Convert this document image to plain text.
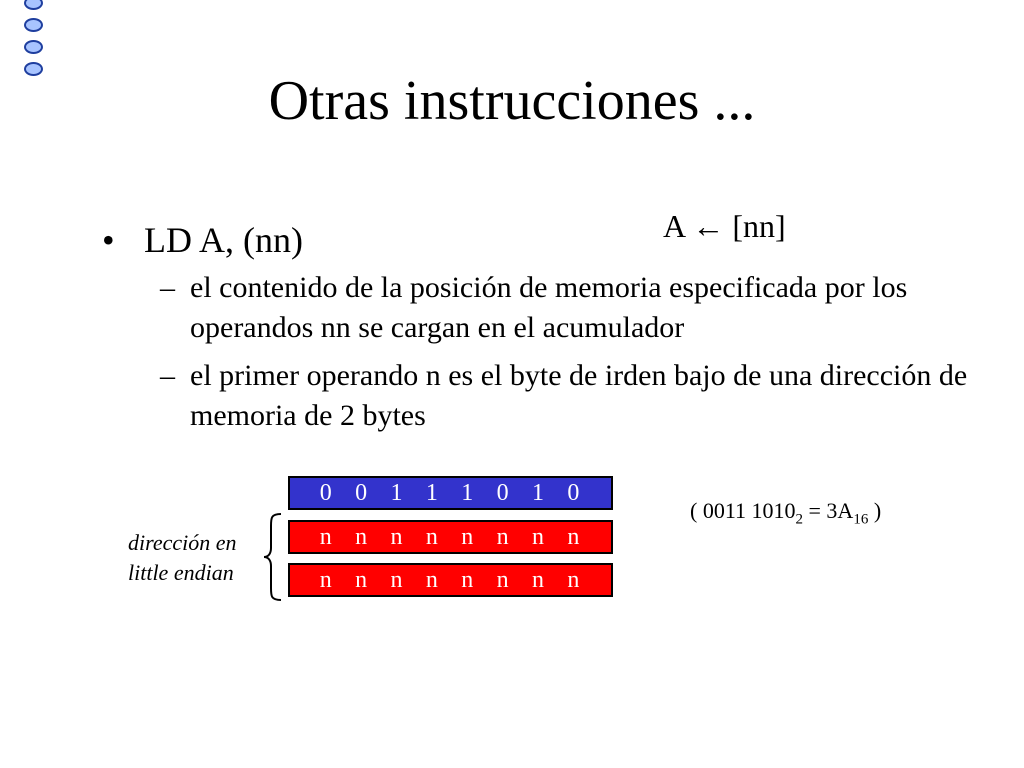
Otras instrucciones ...
• LD A, (nn)	A ← [nn]
– el contenido de la posición de memoria especificada por los operandos nn se cargan en el acumulador
– el primer operando n es el byte de irden bajo de una dirección de memoria de 2 bytes
0 0 1 1 1 0 1 0
n n n n n n n n
n n n n n n n n
dirección en
little endian
( 0011 $1010_2 = 3A_{16}$ )
